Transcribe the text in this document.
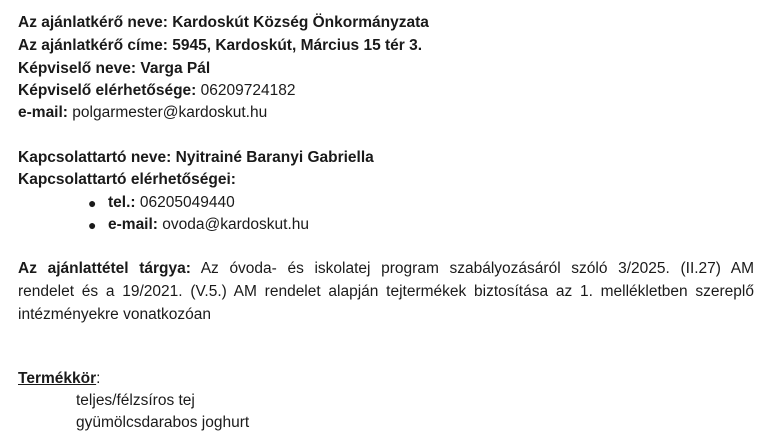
Az ajánlatkérő neve: Kardoskút Község Önkormányzata
Az ajánlatkérő címe: 5945, Kardoskút, Március 15 tér 3.
Képviselő neve: Varga Pál
Képviselő elérhetősége: 06209724182
e-mail: polgarmester@kardoskut.hu
Kapcsolattartó neve: Nyitrainé Baranyi Gabriella
Kapcsolattartó elérhetőségei:
● tel.: 06205049440
● e-mail: ovoda@kardoskut.hu
Az ajánlattétel tárgya: Az óvoda- és iskolatej program szabályozásáról szóló 3/2025. (II.27) AM
rendelet és a 19/2021. (V.5.) AM rendelet alapján tejtermékek biztosítása az 1. mellékletben szereplő
intézményekre vonatkozóan
Termékkör:
teljes/félzsíros tej
gyümölcsdarabos joghurt
